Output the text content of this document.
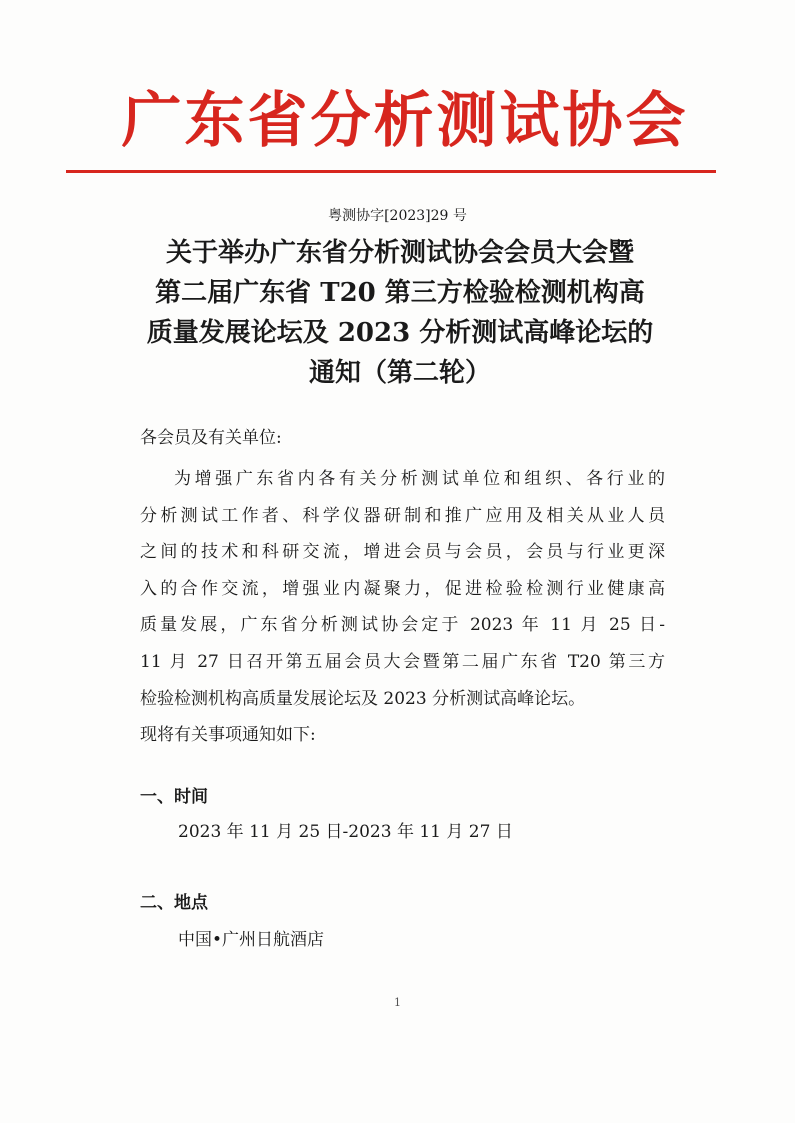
广东省分析测试协会
粤测协字[2023]29 号
关于举办广东省分析测试协会会员大会暨
第二届广东省 T20 第三方检验检测机构高
质量发展论坛及 2023 分析测试高峰论坛的
通知（第二轮）
各会员及有关单位:
为增强广东省内各有关分析测试单位和组织、各行业的
分析测试工作者、科学仪器研制和推广应用及相关从业人员
之间的技术和科研交流，增进会员与会员，会员与行业更深
入的合作交流，增强业内凝聚力，促进检验检测行业健康高
质量发展，广东省分析测试协会定于 2023 年 11 月 25 日-
11 月 27 日召开第五届会员大会暨第二届广东省 T20 第三方
检验检测机构高质量发展论坛及 2023 分析测试高峰论坛。
现将有关事项通知如下:
一、时间
2023 年 11 月 25 日-2023 年 11 月 27 日
二、地点
中国•广州日航酒店
1
